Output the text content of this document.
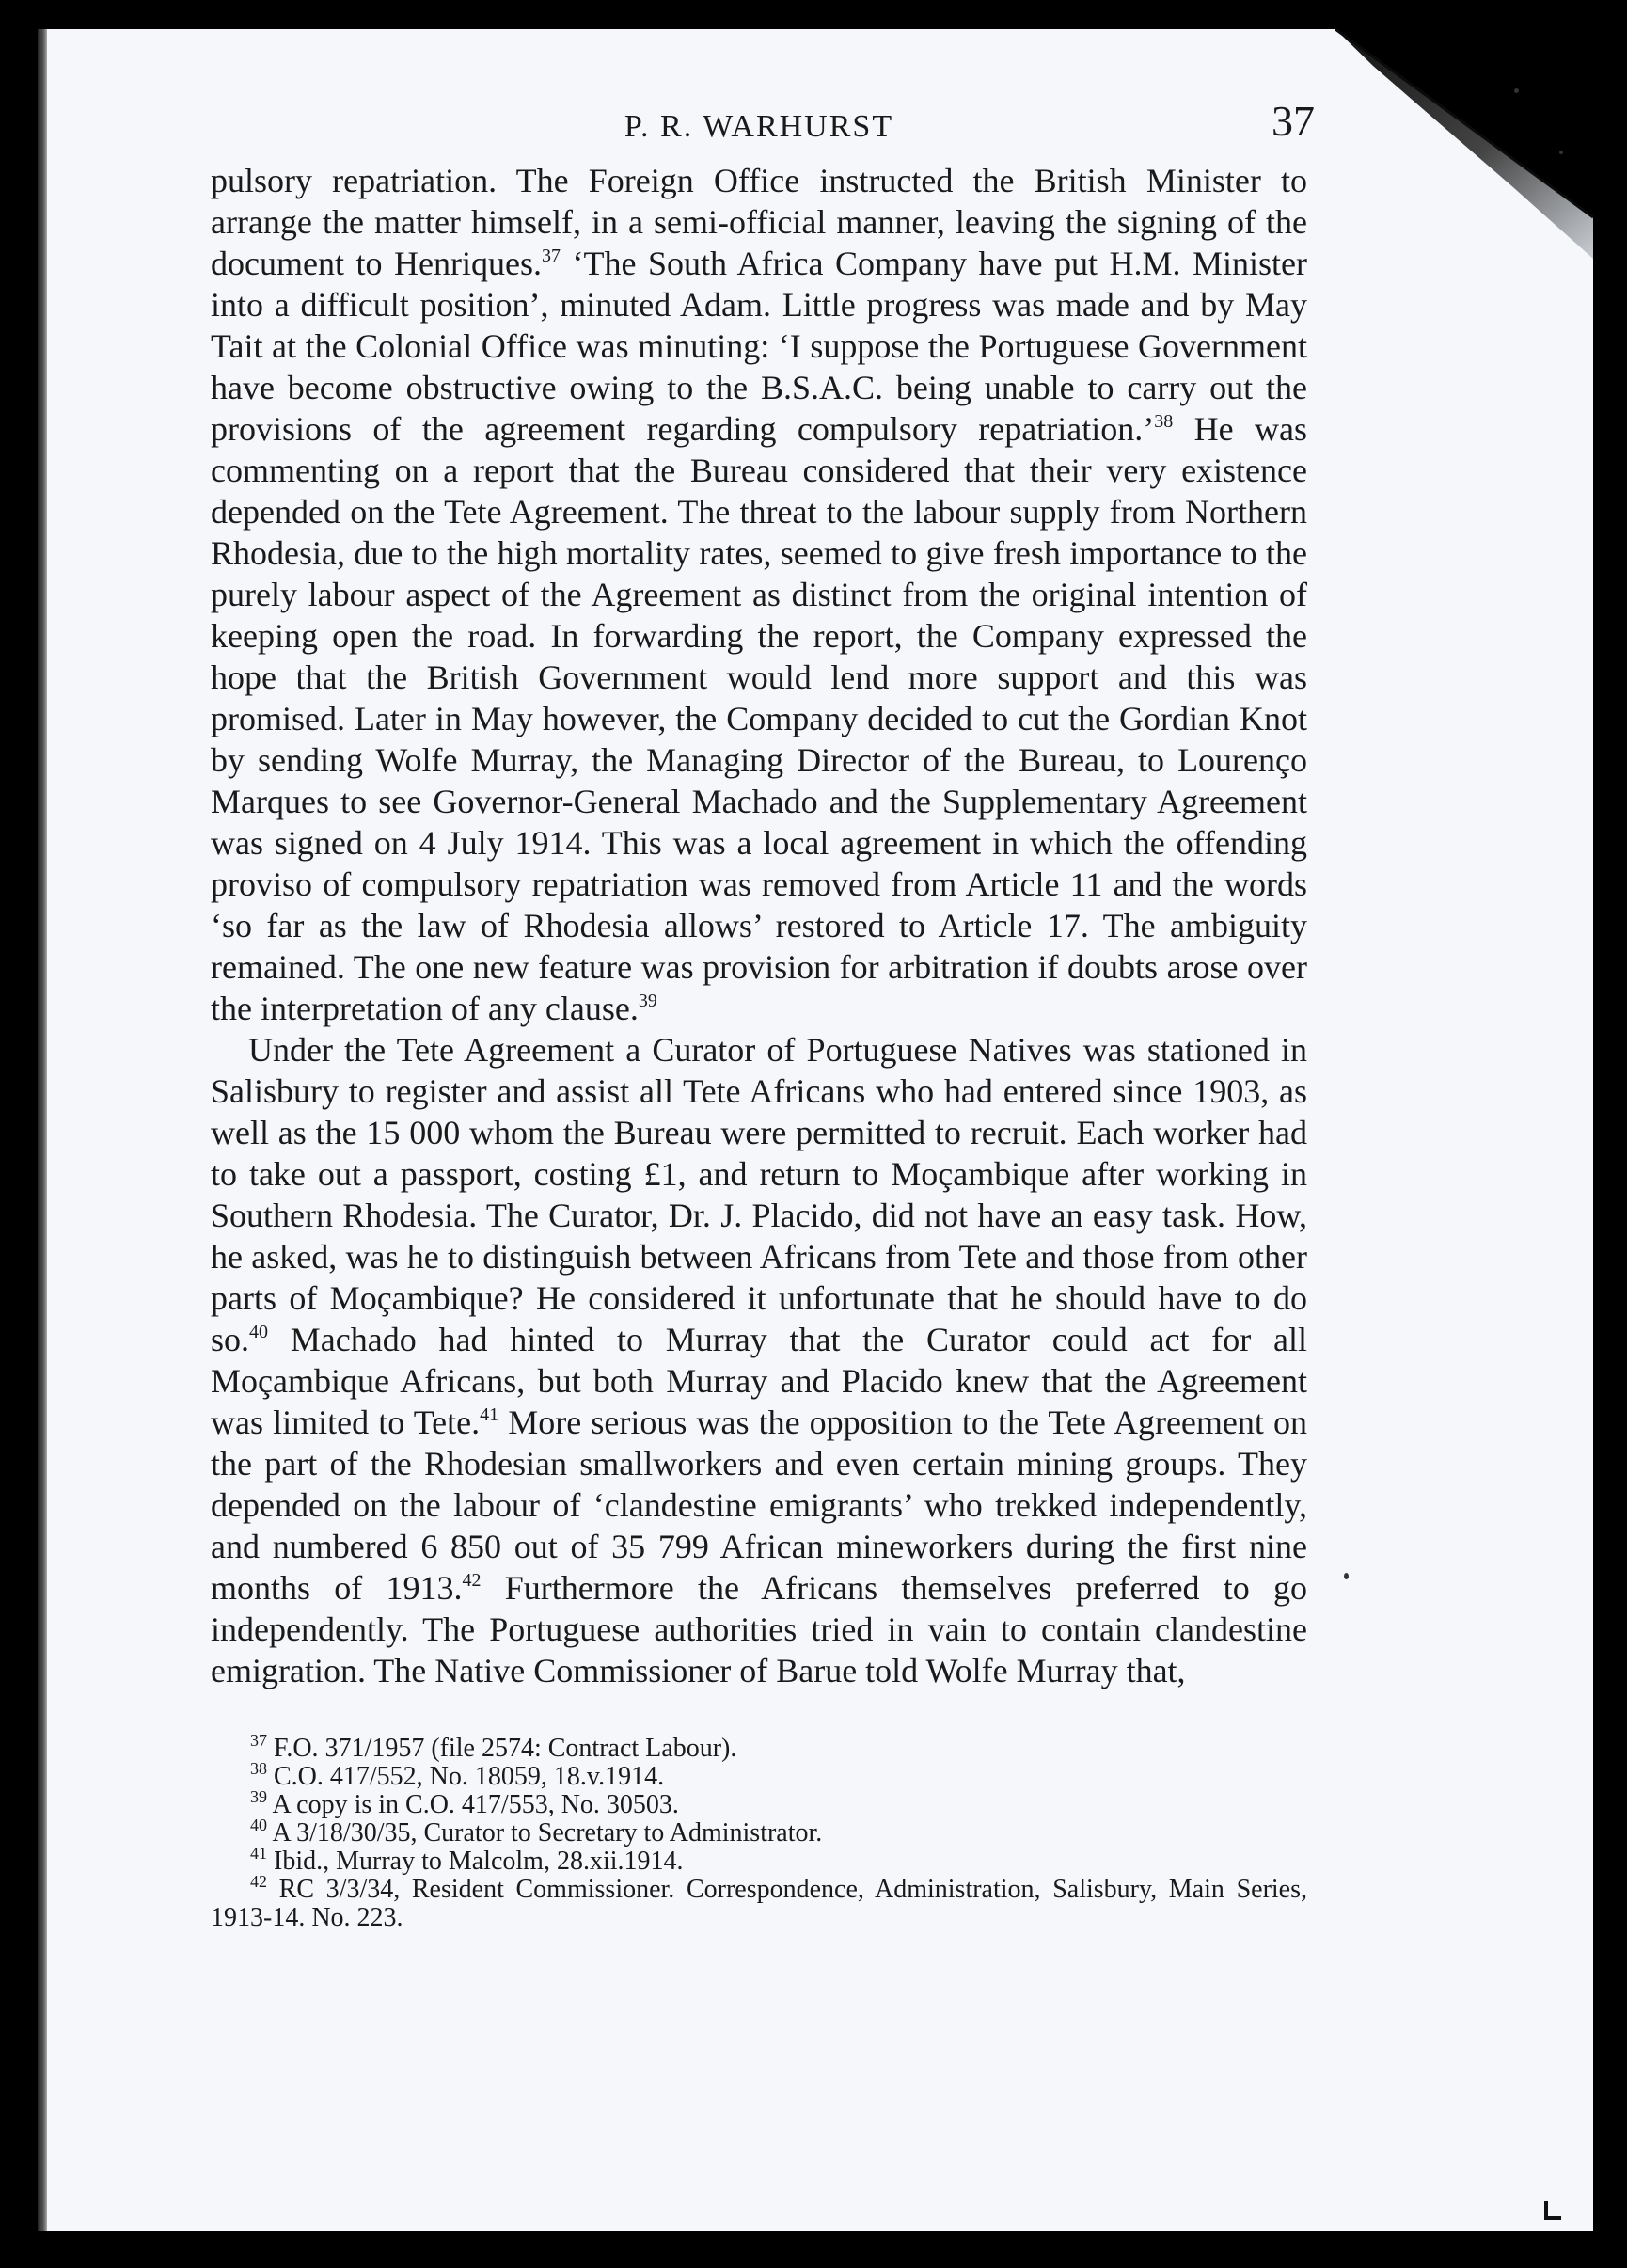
P. R. WARHURST	37

pulsory repatriation. The Foreign Office instructed the British Minister to arrange the matter himself, in a semi-official manner, leaving the signing of the document to Henriques.$^{37}$ ‘The South Africa Company have put H.M. Minister into a difficult position’, minuted Adam. Little progress was made and by May Tait at the Colonial Office was minuting: ‘I suppose the Portuguese Government have become obstructive owing to the B.S.A.C. being unable to carry out the provisions of the agreement regarding compulsory repatriation.’$^{38}$ He was commenting on a report that the Bureau considered that their very existence depended on the Tete Agreement. The threat to the labour supply from Northern Rhodesia, due to the high mortality rates, seemed to give fresh importance to the purely labour aspect of the Agreement as distinct from the original intention of keeping open the road. In forwarding the report, the Company expressed the hope that the British Government would lend more support and this was promised. Later in May however, the Company decided to cut the Gordian Knot by sending Wolfe Murray, the Managing Director of the Bureau, to Lourenço Marques to see Governor-General Machado and the Supplementary Agreement was signed on 4 July 1914. This was a local agreement in which the offending proviso of compulsory repatriation was removed from Article 11 and the words ‘so far as the law of Rhodesia allows’ restored to Article 17. The ambiguity remained. The one new feature was provision for arbitration if doubts arose over the interpretation of any clause.$^{39}$

Under the Tete Agreement a Curator of Portuguese Natives was stationed in Salisbury to register and assist all Tete Africans who had entered since 1903, as well as the 15 000 whom the Bureau were permitted to recruit. Each worker had to take out a passport, costing £1, and return to Moçambique after working in Southern Rhodesia. The Curator, Dr. J. Placido, did not have an easy task. How, he asked, was he to distinguish between Africans from Tete and those from other parts of Moçambique? He considered it unfortunate that he should have to do so.$^{40}$ Machado had hinted to Murray that the Curator could act for all Moçambique Africans, but both Murray and Placido knew that the Agreement was limited to Tete.$^{41}$ More serious was the opposition to the Tete Agreement on the part of the Rhodesian smallworkers and even certain mining groups. They depended on the labour of ‘clandestine emigrants’ who trekked independently, and numbered 6 850 out of 35 799 African mineworkers during the first nine months of 1913.42 Furthermore the Africans themselves preferred to go independently. The Portuguese authorities tried in vain to contain clandestine emigration. The Native Commissioner of Barue told Wolfe Murray that,

$^{37}$ F.O. 371/1957 (file 2574: Contract Labour).

$^{38}$ C.O. 417/552, No. 18059, 18.v.1914.

$^{39}$ A copy is in C.O. 417/553, No. 30503.

$^{40}$ A 3/18/30/35, Curator to Secretary to Administrator.

$^{41}$ Ibid., Murray to Malcolm, 28.xii.1914.

$^{42}$ RC 3/3/34, Resident Commissioner. Correspondence, Administration, Salisbury, Main Series, 1913-14. No. 223.
